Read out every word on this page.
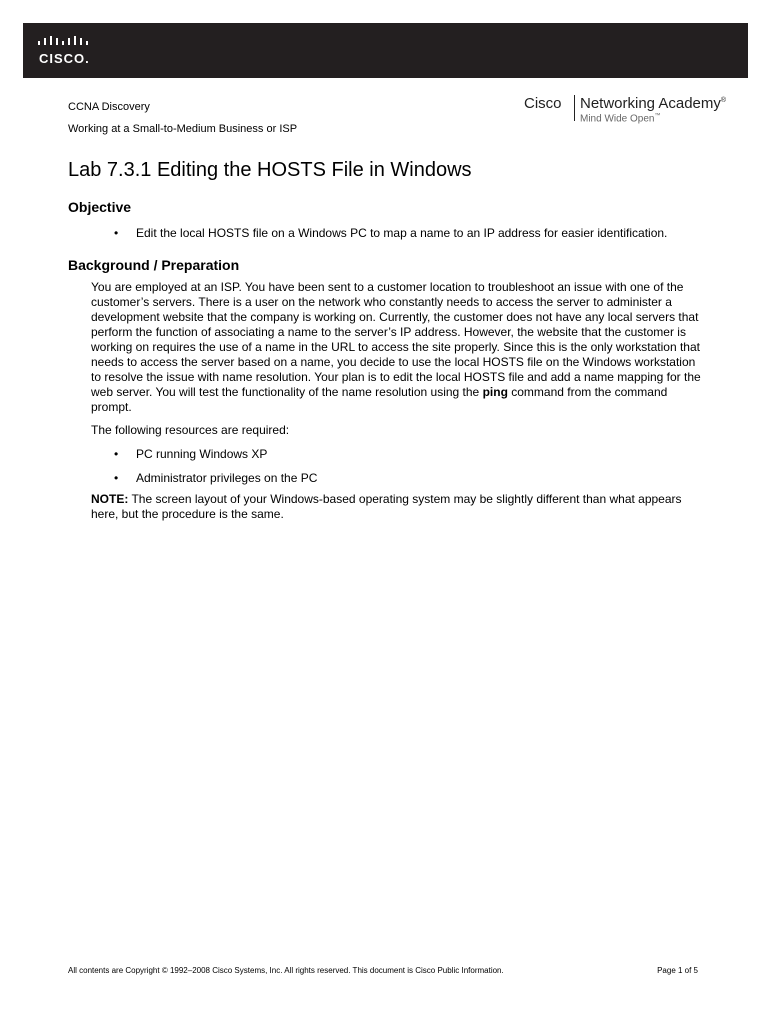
CISCO.
CCNA Discovery
Working at a Small-to-Medium Business or ISP
Cisco Networking Academy®
Mind Wide Open™
Lab 7.3.1 Editing the HOSTS File in Windows
Objective
• Edit the local HOSTS file on a Windows PC to map a name to an IP address for easier identification.
Background / Preparation

You are employed at an ISP. You have been sent to a customer location to troubleshoot an issue with one of the customer’s servers. There is a user on the network who constantly needs to access the server to administer a development website that the company is working on. Currently, the customer does not have any local servers that perform the function of associating a name to the server’s IP address. However, the website that the customer is working on requires the use of a name in the URL to access the site properly. Since this is the only workstation that needs to access the server based on a name, you decide to use the local HOSTS file on the Windows workstation to resolve the issue with name resolution. Your plan is to edit the local HOSTS file and add a name mapping for the web server. You will test the functionality of the name resolution using the ping command from the command prompt.

The following resources are required:

• PC running Windows XP
• Administrator privileges on the PC

NOTE: The screen layout of your Windows-based operating system may be slightly different than what appears here, but the procedure is the same.

All contents are Copyright © 1992–2008 Cisco Systems, Inc. All rights reserved. This document is Cisco Public Information.	Page 1 of 5
